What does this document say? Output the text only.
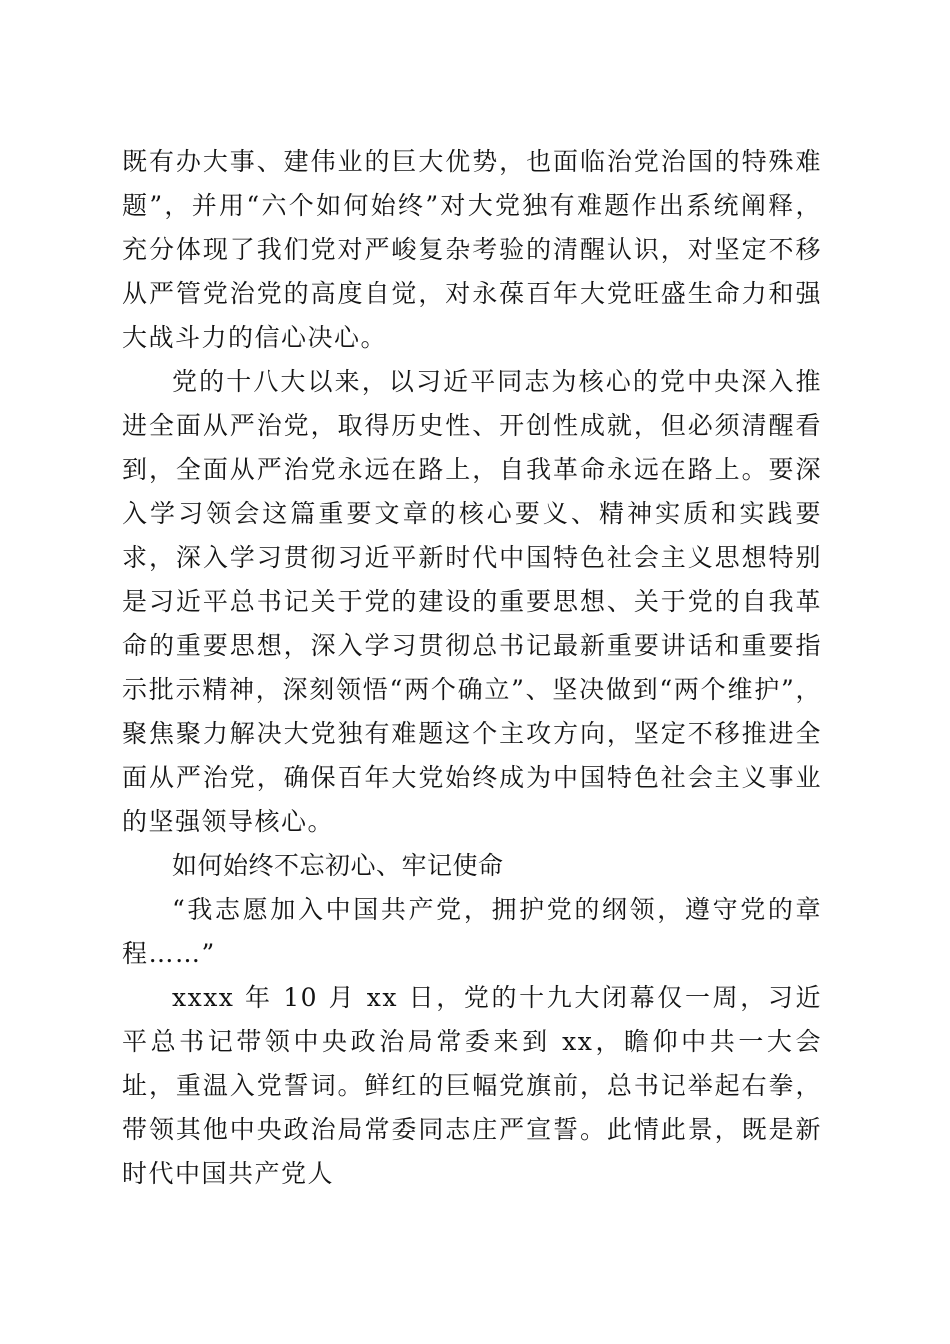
既有办大事、建伟业的巨大优势，也面临治党治国的特殊难题”，并用“六个如何始终”对大党独有难题作出系统阐释，充分体现了我们党对严峻复杂考验的清醒认识，对坚定不移从严管党治党的高度自觉，对永葆百年大党旺盛生命力和强大战斗力的信心决心。

党的十八大以来，以习近平同志为核心的党中央深入推进全面从严治党，取得历史性、开创性成就，但必须清醒看到，全面从严治党永远在路上，自我革命永远在路上。要深入学习领会这篇重要文章的核心要义、精神实质和实践要求，深入学习贯彻习近平新时代中国特色社会主义思想特别是习近平总书记关于党的建设的重要思想、关于党的自我革命的重要思想，深入学习贯彻总书记最新重要讲话和重要指示批示精神，深刻领悟“两个确立”、坚决做到“两个维护”，聚焦聚力解决大党独有难题这个主攻方向，坚定不移推进全面从严治党，确保百年大党始终成为中国特色社会主义事业的坚强领导核心。

如何始终不忘初心、牢记使命

“我志愿加入中国共产党，拥护党的纲领，遵守党的章程……”

xxxx 年 10 月 xx 日，党的十九大闭幕仅一周，习近平总书记带领中央政治局常委来到 xx，瞻仰中共一大会址，重温入党誓词。鲜红的巨幅党旗前，总书记举起右拳，带领其他中央政治局常委同志庄严宣誓。此情此景，既是新时代中国共产党人
